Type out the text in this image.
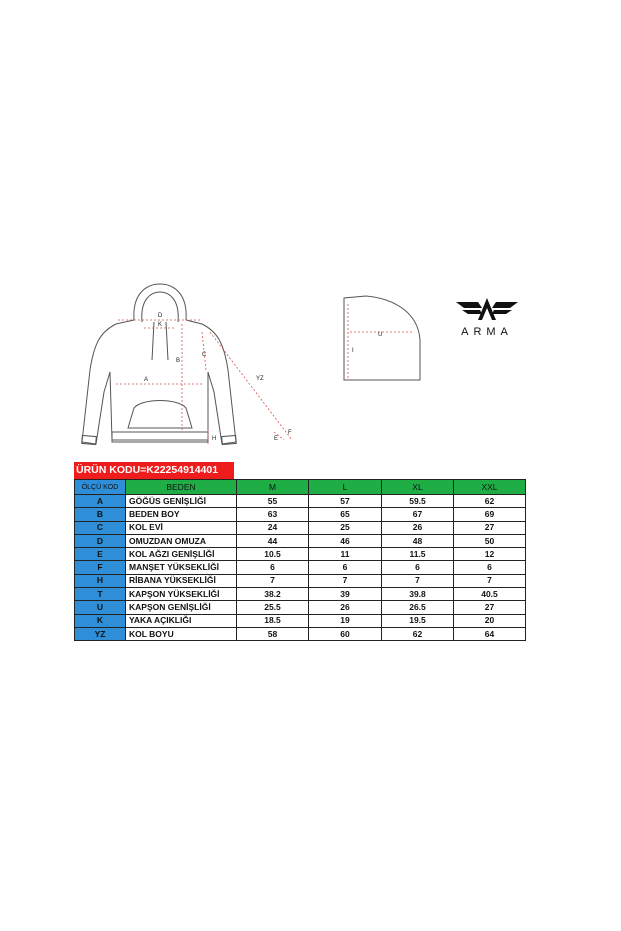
A
B
C
D
K
YZ
H	E
F
U
I
ARMA
ÜRÜN KODU=K22254914401
ÖLÇÜ KOD	BEDEN	M	L	XL	XXL
A	GÖĞÜS GENİŞLİĞİ	55	57	59.5	62
B	BEDEN BOY	63	65	67	69
C	KOL EVİ	24	25	26	27
D	OMUZDAN OMUZA	44	46	48	50
E	KOL AĞZI GENİŞLİĞİ	10.5	11	11.5	12
F	MANŞET YÜKSEKLİĞİ	6	6	6	6
H	RİBANA YÜKSEKLİĞİ	7	7	7	7
T	KAPŞON YÜKSEKLİĞİ	38.2	39	39.8	40.5
U	KAPŞON GENİŞLİĞİ	25.5	26	26.5	27
K	YAKA AÇIKLIĞI	18.5	19	19.5	20
YZ	KOL BOYU	58	60	62	64
